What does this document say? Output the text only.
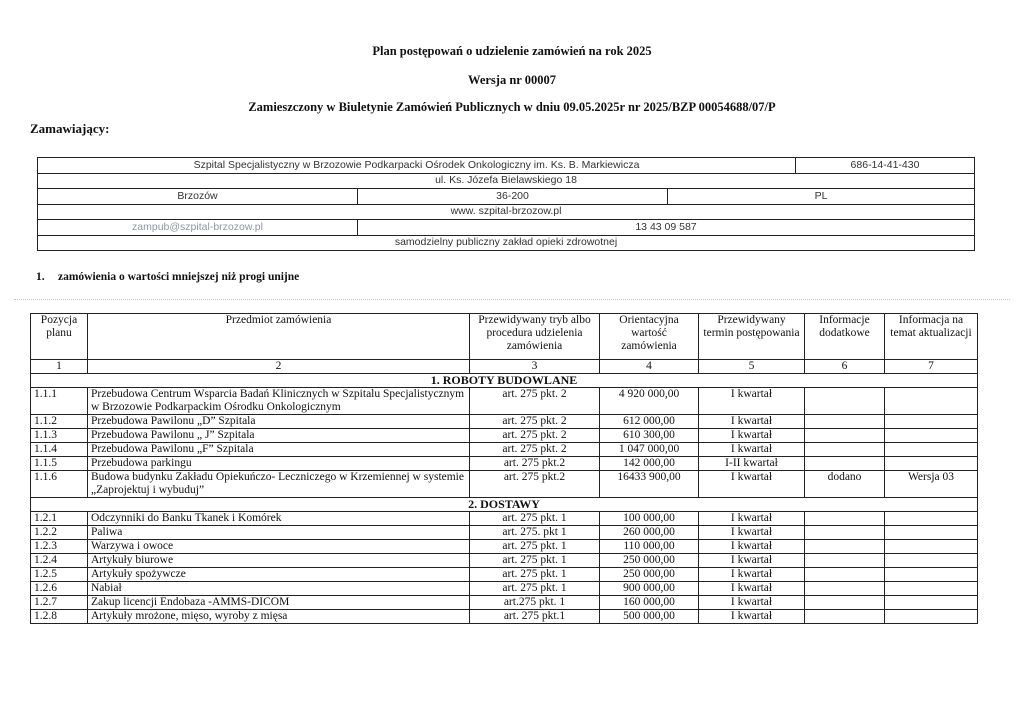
Plan postępowań o udzielenie zamówień na rok 2025
Wersja nr 00007
Zamieszczony w Biuletynie Zamówień Publicznych w dniu 09.05.2025r nr 2025/BZP 00054688/07/P
Zamawiający:
Szpital Specjalistyczny w Brzozowie Podkarpacki Ośrodek Onkologiczny im. Ks. B. Markiewicza			686-14-41-430
ul. Ks. Józefa Bielawskiego 18			
Brzozów	36-200	PL	
www. szpital-brzozow.pl			
zampub@szpital-brzozow.pl	13 43 09 587		
samodzielny publiczny zakład opieki zdrowotnej			
1. zamówienia o wartości mniejszej niż progi unijne
Pozycja planu	Przedmiot zamówienia	Przewidywany tryb albo procedura udzielenia zamówienia	Orientacyjna wartość zamówienia	Przewidywany termin postępowania	Informacje dodatkowe	Informacja na temat aktualizacji
1	2	3	4	5	6	7
1. ROBOTY BUDOWLANE						
1.1.1	Przebudowa Centrum Wsparcia Badań Klinicznych w Szpitalu Specjalistycznym w Brzozowie Podkarpackim Ośrodku Onkologicznym	art. 275 pkt. 2	4 920 000,00	I kwartał		
1.1.2	Przebudowa Pawilonu „D” Szpitala	art. 275 pkt. 2	612 000,00	I kwartał		
1.1.3	Przebudowa Pawilonu „ J” Szpitala	art. 275 pkt. 2	610 300,00	I kwartał		
1.1.4	Przebudowa Pawilonu „F” Szpitala	art. 275 pkt. 2	1 047 000,00	I kwartał		
1.1.5	Przebudowa parkingu	art. 275 pkt.2	142 000,00	I-II kwartał		
1.1.6	Budowa budynku Zakładu Opiekuńczo- Leczniczego w Krzemiennej w systemie „Zaprojektuj i wybuduj”	art. 275 pkt.2	16433 900,00	I kwartał	dodano	Wersja 03
2. DOSTAWY						
1.2.1	Odczynniki do Banku Tkanek i Komórek	art. 275 pkt. 1	100 000,00	I kwartał		
1.2.2	Paliwa	art. 275. pkt 1	260 000,00	I kwartał		
1.2.3	Warzywa i owoce	art. 275 pkt. 1	110 000,00	I kwartał		
1.2.4	Artykuły biurowe	art. 275 pkt. 1	250 000,00	I kwartał		
1.2.5	Artykuły spożywcze	art. 275 pkt. 1	250 000,00	I kwartał		
1.2.6	Nabiał	art. 275 pkt. 1	900 000,00	I kwartał		
1.2.7	Zakup licencji Endobaza -AMMS-DICOM	art.275 pkt. 1	160 000,00	I kwartał		
1.2.8	Artykuły mrożone, mięso, wyroby z mięsa	art. 275 pkt.1	500 000,00	I kwartał		
